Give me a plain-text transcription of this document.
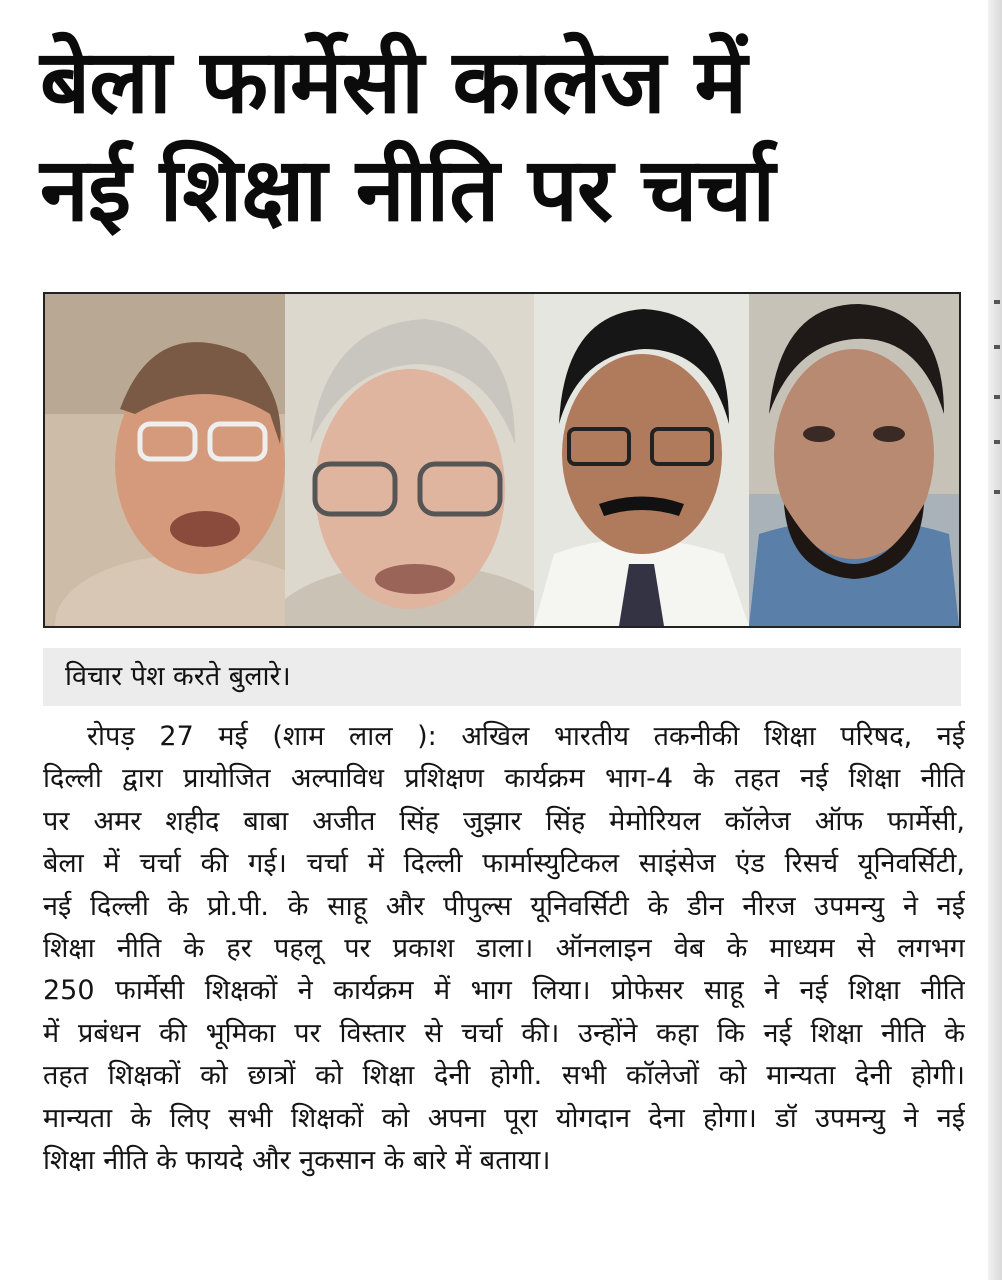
बेला फार्मेसी कालेज में
नई शिक्षा नीति पर चर्चा
विचार पेश करते बुलारे।
रोपड़ 27 मई (शाम लाल ): अखिल भारतीय तकनीकी शिक्षा परिषद, नई
दिल्ली द्वारा प्रायोजित अल्पाविध प्रशिक्षण कार्यक्रम भाग-4 के तहत नई शिक्षा नीति
पर अमर शहीद बाबा अजीत सिंह जुझार सिंह मेमोरियल कॉलेज ऑफ फार्मेसी,
बेला में चर्चा की गई। चर्चा में दिल्ली फार्मास्युटिकल साइंसेज एंड रिसर्च यूनिवर्सिटी,
नई दिल्ली के प्रो.पी. के साहू और पीपुल्स यूनिवर्सिटी के डीन नीरज उपमन्यु ने नई
शिक्षा नीति के हर पहलू पर प्रकाश डाला। ऑनलाइन वेब के माध्यम से लगभग
250 फार्मेसी शिक्षकों ने कार्यक्रम में भाग लिया। प्रोफेसर साहू ने नई शिक्षा नीति
में प्रबंधन की भूमिका पर विस्तार से चर्चा की। उन्होंने कहा कि नई शिक्षा नीति के
तहत शिक्षकों को छात्रों को शिक्षा देनी होगी. सभी कॉलेजों को मान्यता देनी होगी।
मान्यता के लिए सभी शिक्षकों को अपना पूरा योगदान देना होगा। डॉ उपमन्यु ने नई
शिक्षा नीति के फायदे और नुकसान के बारे में बताया।
